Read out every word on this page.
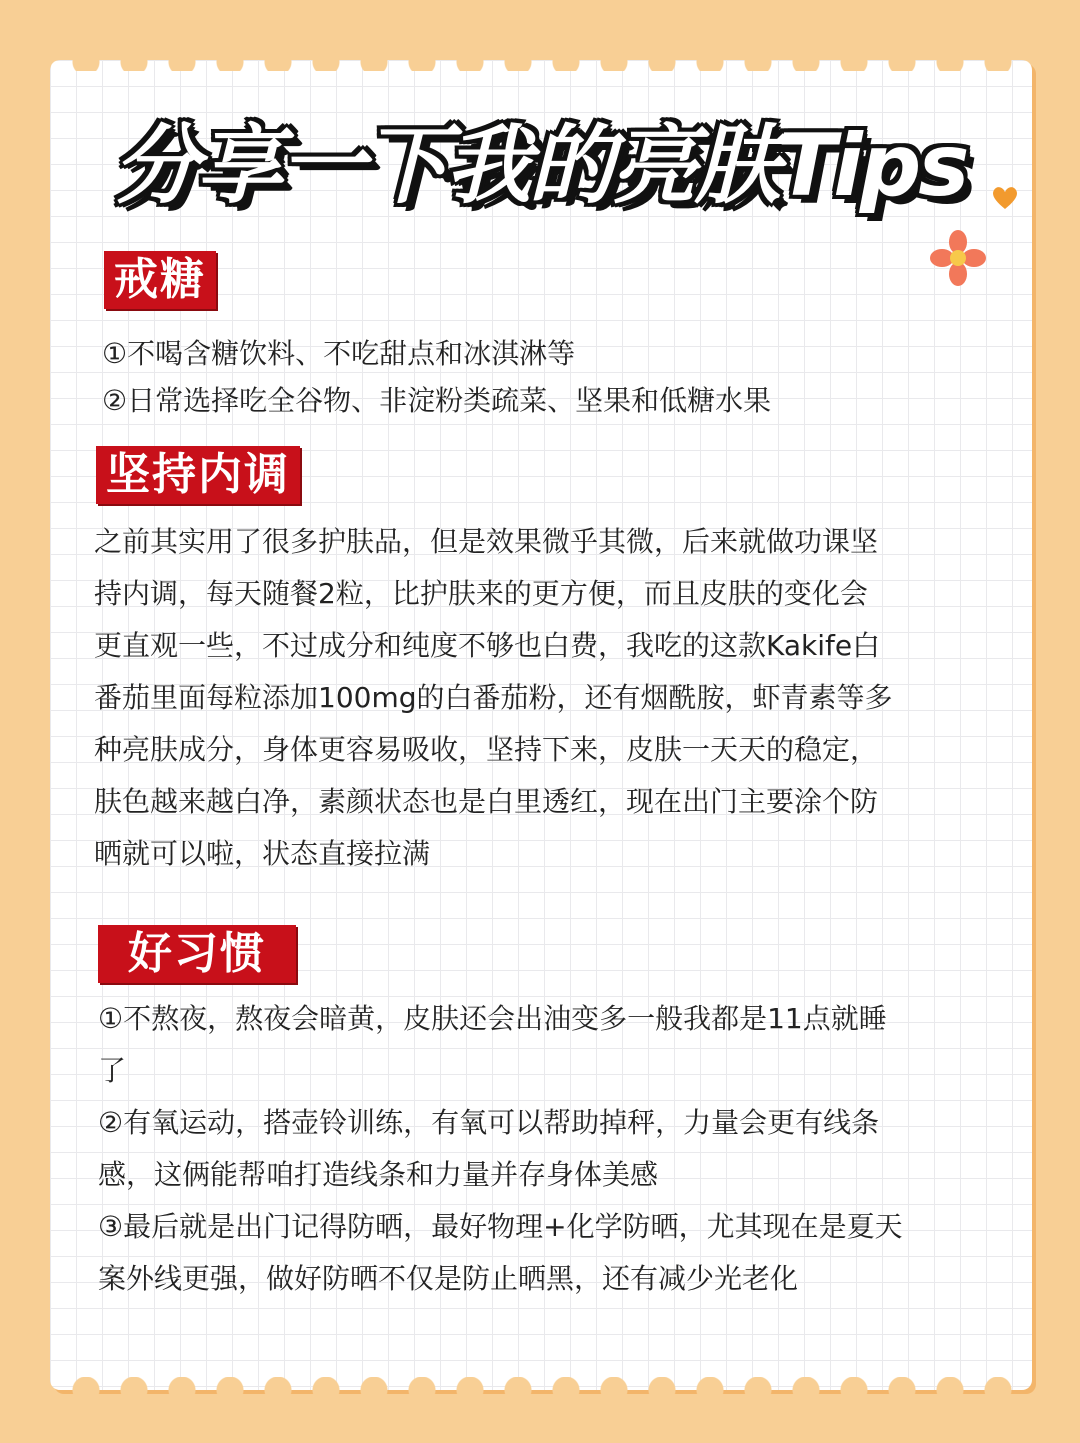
分享一下我的亮肤Tips
戒糖
①不喝含糖饮料、不吃甜点和冰淇淋等
②日常选择吃全谷物、非淀粉类疏菜、坚果和低糖水果
坚持内调
之前其实用了很多护肤品，但是效果微乎其微，后来就做功课坚
持内调，每天随餐2粒，比护肤来的更方便，而且皮肤的变化会
更直观一些，不过成分和纯度不够也白费，我吃的这款Kakife白
番茄里面每粒添加100mg的白番茄粉，还有烟酰胺，虾青素等多
种亮肤成分，身体更容易吸收，坚持下来，皮肤一天天的稳定，
肤色越来越白净，素颜状态也是白里透红，现在出门主要涂个防
晒就可以啦，状态直接拉满
好习惯
①不熬夜，熬夜会暗黄，皮肤还会出油变多一般我都是11点就睡
了
②有氧运动，搭壶铃训练，有氧可以帮助掉秤，力量会更有线条
感，这俩能帮咱打造线条和力量并存身体美感
③最后就是出门记得防晒，最好物理+化学防晒，尤其现在是夏天
案外线更强，做好防晒不仅是防止晒黑，还有减少光老化
